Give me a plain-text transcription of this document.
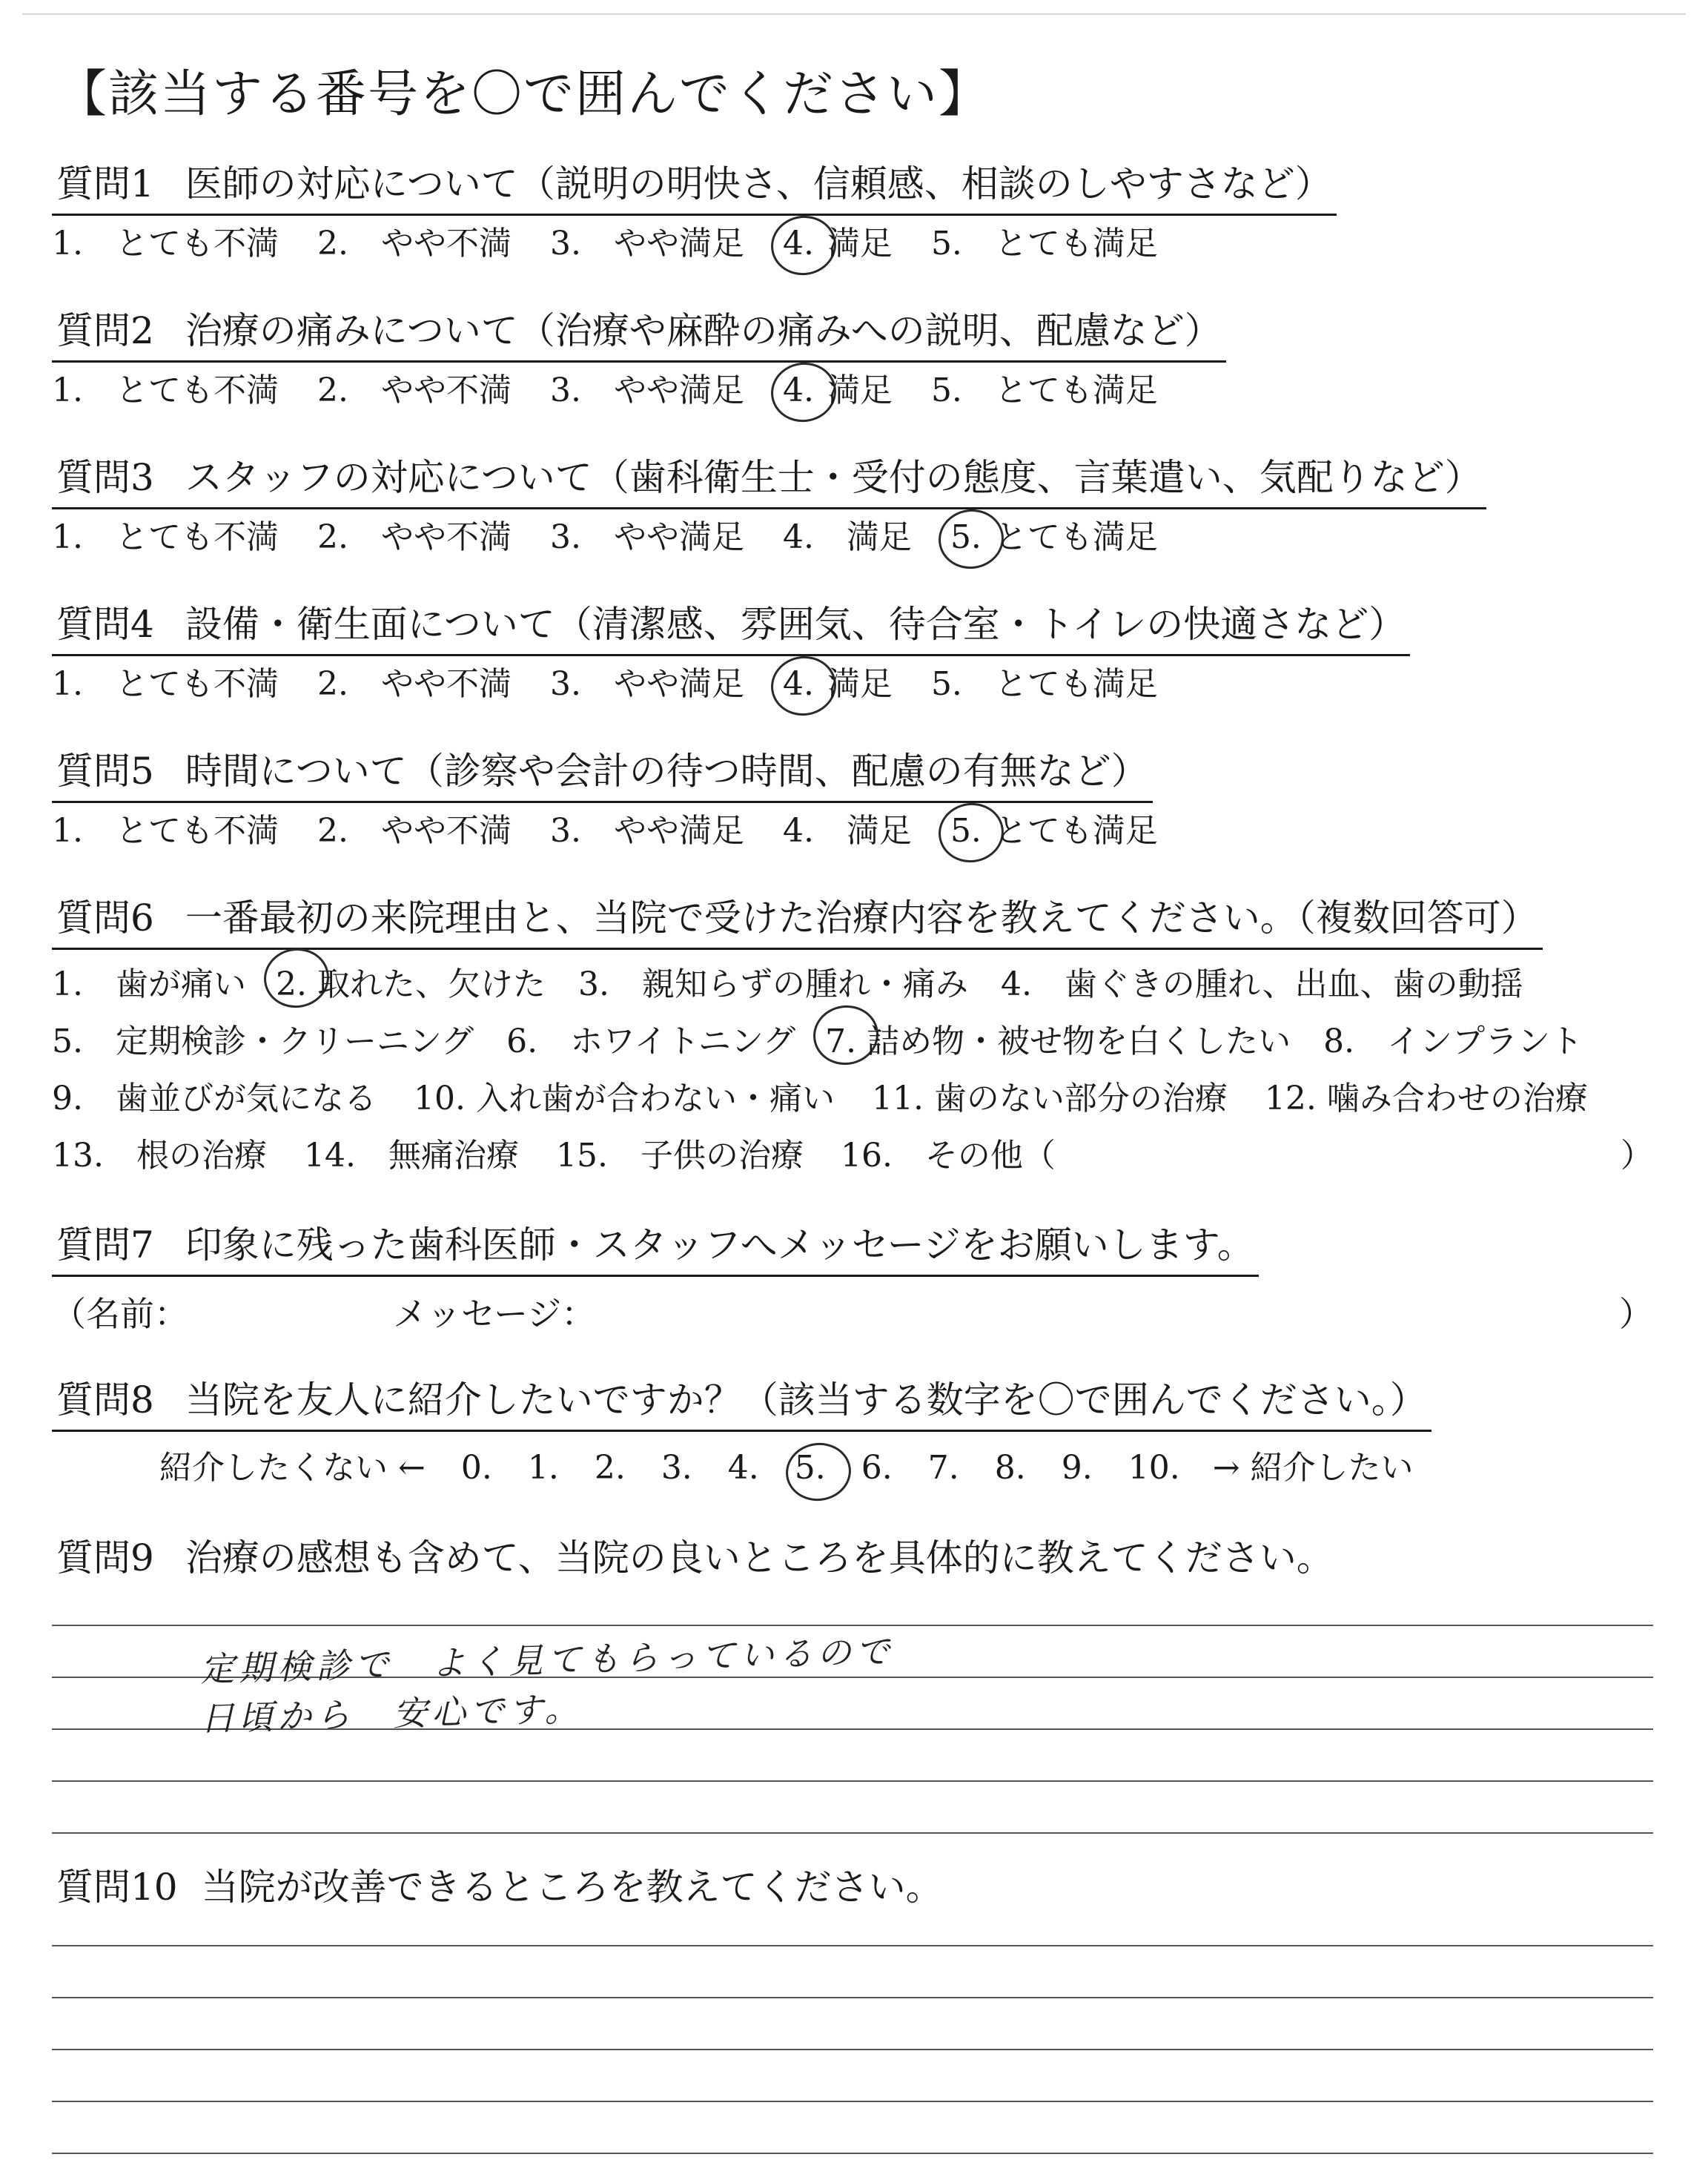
【該当する番号を〇で囲んでください】
質問1 医師の対応について（説明の明快さ、信頼感、相談のしやすさなど）
1.　とても不満 2.　やや不満 3.　やや満足 4. 満足 5.　とても満足
質問2 治療の痛みについて（治療や麻酔の痛みへの説明、配慮など）
1.　とても不満 2.　やや不満 3.　やや満足 4. 満足 5.　とても満足
質問3 スタッフの対応について（歯科衛生士・受付の態度、言葉遣い、気配りなど）
1.　とても不満 2.　やや不満 3.　やや満足 4.　満足 5. とても満足
質問4 設備・衛生面について（清潔感、雰囲気、待合室・トイレの快適さなど）
1.　とても不満 2.　やや不満 3.　やや満足 4. 満足 5.　とても満足
質問5 時間について（診察や会計の待つ時間、配慮の有無など）
1.　とても不満 2.　やや不満 3.　やや満足 4.　満足 5. とても満足
質問6 一番最初の来院理由と、当院で受けた治療内容を教えてください。（複数回答可）
1.　歯が痛い 2. 取れた、欠けた 3.　親知らずの腫れ・痛み 4.　歯ぐきの腫れ、出血、歯の動揺
5.　定期検診・クリーニング 6.　ホワイトニング 7. 詰め物・被せ物を白くしたい 8.　インプラント
9.　歯並びが気になる 10. 入れ歯が合わない・痛い 11. 歯のない部分の治療 12. 噛み合わせの治療
13.　根の治療 14.　無痛治療 15.　子供の治療 16.　その他（	）
質問7 印象に残った歯科医師・スタッフへメッセージをお願いします。
（名前：	メッセージ：	）
質問8 当院を友人に紹介したいですか？（該当する数字を〇で囲んでください。）
紹介したくない ← 0. 1. 2. 3. 4. 5. 6. 7. 8. 9. 10. → 紹介したい
質問9 治療の感想も含めて、当院の良いところを具体的に教えてください。
定期検診で　よく見てもらっているので
日頃から　安心です。
質問10 当院が改善できるところを教えてください。
